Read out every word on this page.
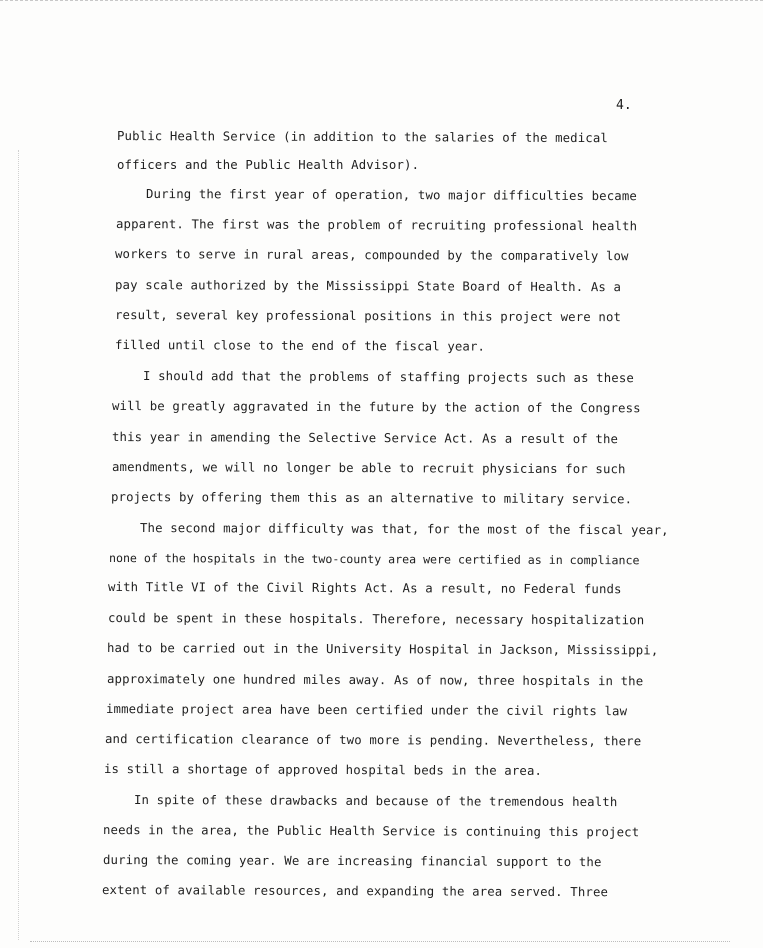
4.
Public Health Service (in addition to the salaries of the medical
officers and the Public Health Advisor).
During the first year of operation, two major difficulties became
apparent. The first was the problem of recruiting professional health
workers to serve in rural areas, compounded by the comparatively low
pay scale authorized by the Mississippi State Board of Health. As a
result, several key professional positions in this project were not
filled until close to the end of the fiscal year.
I should add that the problems of staffing projects such as these
will be greatly aggravated in the future by the action of the Congress
this year in amending the Selective Service Act. As a result of the
amendments, we will no longer be able to recruit physicians for such
projects by offering them this as an alternative to military service.
The second major difficulty was that, for the most of the fiscal year,
none of the hospitals in the two-county area were certified as in compliance
with Title VI of the Civil Rights Act. As a result, no Federal funds
could be spent in these hospitals. Therefore, necessary hospitalization
had to be carried out in the University Hospital in Jackson, Mississippi,
approximately one hundred miles away. As of now, three hospitals in the
immediate project area have been certified under the civil rights law
and certification clearance of two more is pending. Nevertheless, there
is still a shortage of approved hospital beds in the area.
In spite of these drawbacks and because of the tremendous health
needs in the area, the Public Health Service is continuing this project
during the coming year. We are increasing financial support to the
extent of available resources, and expanding the area served. Three
